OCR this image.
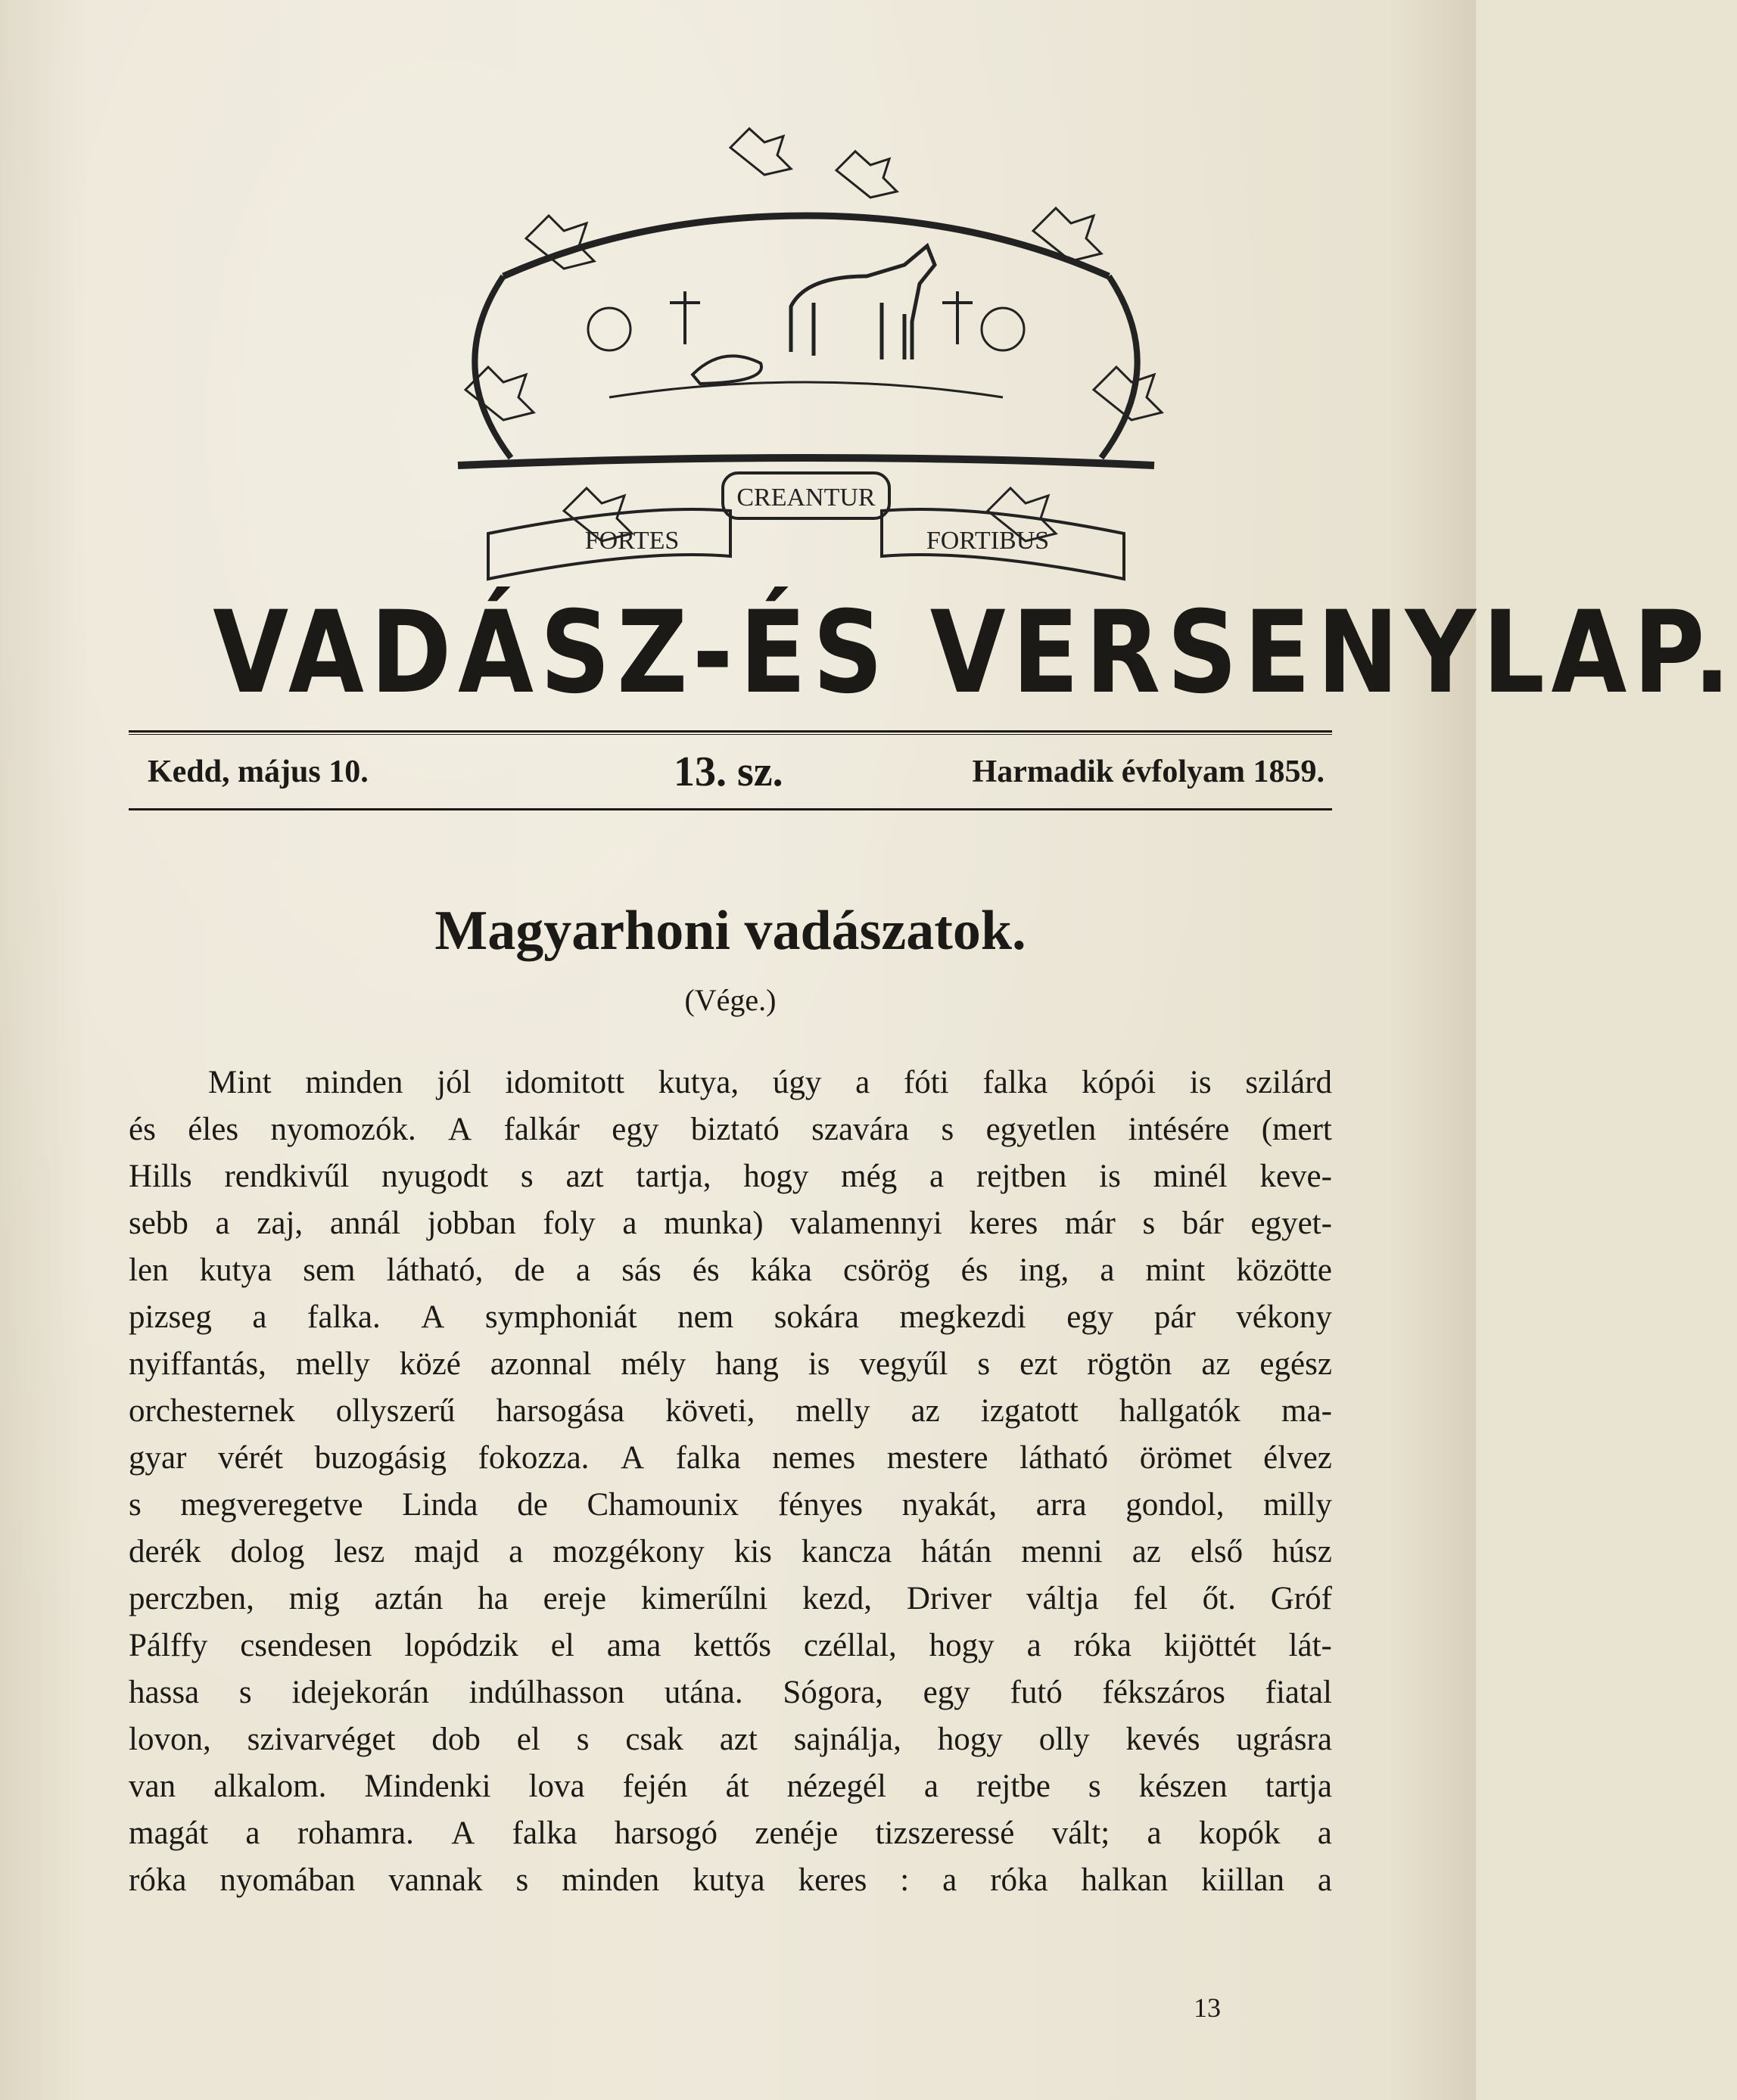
CREANTUR
FORTES	FORTIBUS
VADÁSZ-ÉS VERSENYLAP.
Kedd, május 10.	13. sz.	Harmadik évfolyam 1859.
Magyarhoni vadászatok.
(Vége.)
Mint minden jól idomitott kutya, úgy a fóti falka kópói is szilárd
és éles nyomozók. A falkár egy biztató szavára s egyetlen intésére (mert
Hills rendkivűl nyugodt s azt tartja, hogy még a rejtben is minél keve-
sebb a zaj, annál jobban foly a munka) valamennyi keres már s bár egyet-
len kutya sem látható, de a sás és káka csörög és ing, a mint közötte
pizseg a falka. A symphoniát nem sokára megkezdi egy pár vékony
nyiffantás, melly közé azonnal mély hang is vegyűl s ezt rögtön az egész
orchesternek ollyszerű harsogása követi, melly az izgatott hallgatók ma-
gyar vérét buzogásig fokozza. A falka nemes mestere látható örömet élvez
s megveregetve Linda de Chamounix fényes nyakát, arra gondol, milly
derék dolog lesz majd a mozgékony kis kancza hátán menni az első húsz
perczben, mig aztán ha ereje kimerűlni kezd, Driver váltja fel őt. Gróf
Pálffy csendesen lopódzik el ama kettős czéllal, hogy a róka kijöttét lát-
hassa s idejekorán indúlhasson utána. Sógora, egy futó fékszáros fiatal
lovon, szivarvéget dob el s csak azt sajnálja, hogy olly kevés ugrásra
van alkalom. Mindenki lova fején át nézegél a rejtbe s készen tartja
magát a rohamra. A falka harsogó zenéje tizszeressé vált; a kopók a
róka nyomában vannak s minden kutya keres : a róka halkan kiillan a
13
